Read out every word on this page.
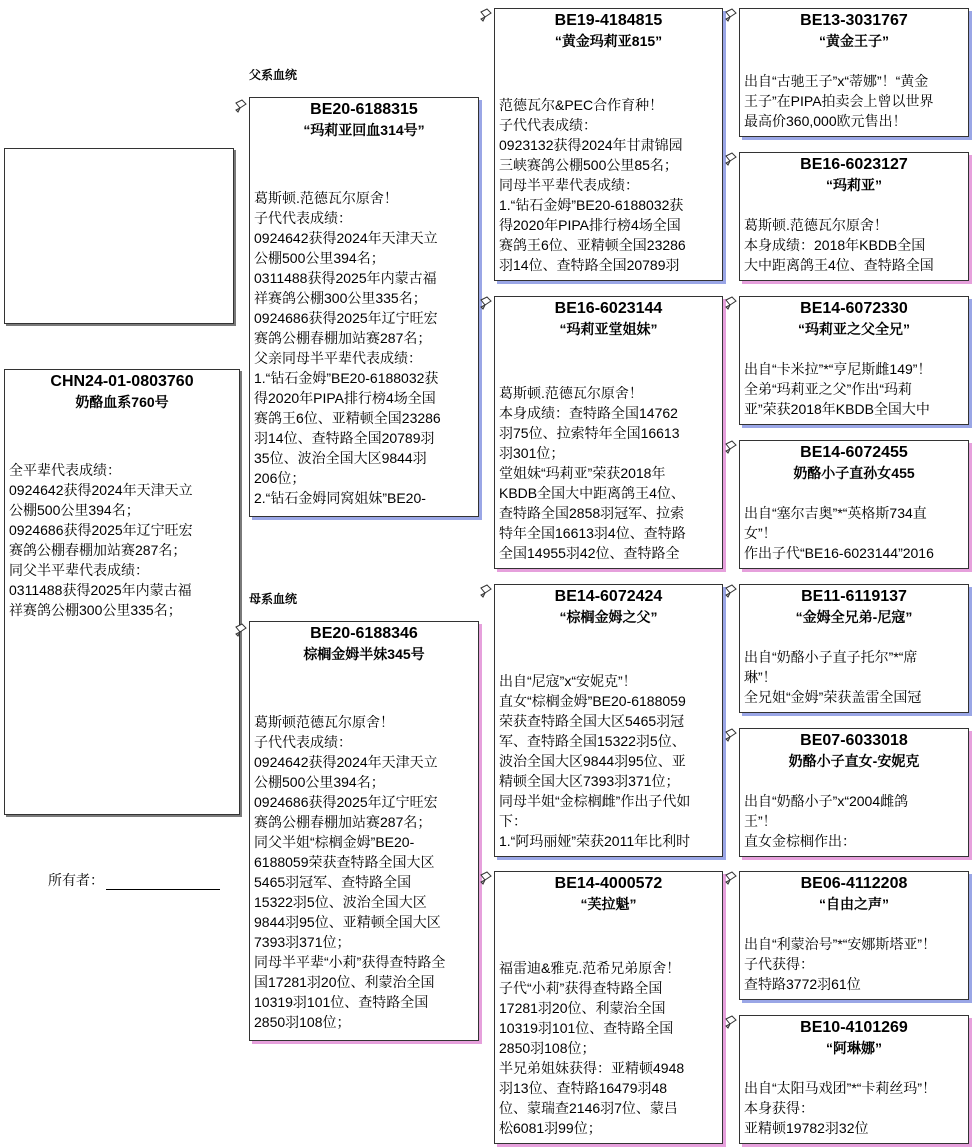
CHN24-01-0803760
奶酪血系760号
全平辈代表成绩：
0924642获得2024年天津天立
公棚500公里394名；
0924686获得2025年辽宁旺宏
赛鸽公棚春棚加站赛287名；
同父半平辈代表成绩：
0311488获得2025年内蒙古福
祥赛鸽公棚300公里335名；
所有者：
父系血统
母系血统
BE20-6188315
“玛莉亚回血314号”
葛斯顿.范德瓦尔原舍！
子代代表成绩：
0924642获得2024年天津天立
公棚500公里394名；
0311488获得2025年内蒙古福
祥赛鸽公棚300公里335名；
0924686获得2025年辽宁旺宏
赛鸽公棚春棚加站赛287名；
父亲同母半平辈代表成绩：
1.“钻石金姆”BE20-6188032获
得2020年PIPA排行榜4场全国
赛鸽王6位、亚精顿全国23286
羽14位、查特路全国20789羽
35位、波治全国大区9844羽
206位；
2.“钻石金姆同窝姐妹”BE20-
BE20-6188346
棕榈金姆半妹345号
葛斯顿范德瓦尔原舍！
子代代表成绩：
0924642获得2024年天津天立
公棚500公里394名；
0924686获得2025年辽宁旺宏
赛鸽公棚春棚加站赛287名；
同父半姐“棕榈金姆”BE20-
6188059荣获查特路全国大区
5465羽冠军、查特路全国
15322羽5位、波治全国大区
9844羽95位、亚精顿全国大区
7393羽371位；
同母半平辈“小莉”获得查特路全
国17281羽20位、利蒙治全国
10319羽101位、查特路全国
2850羽108位；
BE19-4184815
“黄金玛莉亚815”
范德瓦尔&PEC合作育种！
子代代表成绩：
0923132获得2024年甘肃锦园
三峡赛鸽公棚500公里85名；
同母半平辈代表成绩：
1.“钻石金姆”BE20-6188032获
得2020年PIPA排行榜4场全国
赛鸽王6位、亚精顿全国23286
羽14位、查特路全国20789羽
BE16-6023144
“玛莉亚堂姐妹”
葛斯顿.范德瓦尔原舍！
本身成绩：查特路全国14762
羽75位、拉索特年全国16613
羽301位；
堂姐妹“玛莉亚”荣获2018年
KBDB全国大中距离鸽王4位、
查特路全国2858羽冠军、拉索
特年全国16613羽4位、查特路
全国14955羽42位、查特路全
BE14-6072424
“棕榈金姆之父”
出自“尼寇”x“安妮克”！
直女“棕榈金姆”BE20-6188059
荣获查特路全国大区5465羽冠
军、查特路全国15322羽5位、
波治全国大区9844羽95位、亚
精顿全国大区7393羽371位；
同母半姐“金棕榈雌”作出子代如
下：
1.“阿玛丽娅”荣获2011年比利时
BE14-4000572
“芙拉魁”
福雷迪&雅克.范希兄弟原舍！
子代“小莉”获得查特路全国
17281羽20位、利蒙治全国
10319羽101位、查特路全国
2850羽108位；
半兄弟姐妹获得：亚精顿4948
羽13位、查特路16479羽48
位、蒙瑞查2146羽7位、蒙吕
松6081羽99位；
BE13-3031767
“黄金王子”
出自“古驰王子”x“蒂娜”！“黄金
王子”在PIPA拍卖会上曾以世界
最高价360,000欧元售出！
BE16-6023127
“玛莉亚”
葛斯顿.范德瓦尔原舍！
本身成绩：2018年KBDB全国
大中距离鸽王4位、查特路全国
BE14-6072330
“玛莉亚之父全兄”
出自“卡米拉”*“亨尼斯雌149”！
全弟“玛莉亚之父”作出“玛莉
亚”荣获2018年KBDB全国大中
BE14-6072455
奶酪小子直孙女455
出自“塞尔吉奥”*“英格斯734直
女”！
作出子代“BE16-6023144”2016
BE11-6119137
“金姆全兄弟-尼寇”
出自“奶酪小子直子托尔”*“席
琳”！
全兄姐“金姆”荣获盖雷全国冠
BE07-6033018
奶酪小子直女-安妮克
出自“奶酪小子”x“2004雌鸽
王”！
直女金棕榈作出：
BE06-4112208
“自由之声”
出自“利蒙治号”*“安娜斯塔亚”！
子代获得：
查特路3772羽61位
BE10-4101269
“阿琳娜”
出自“太阳马戏团”*“卡莉丝玛”！
本身获得：
亚精顿19782羽32位
